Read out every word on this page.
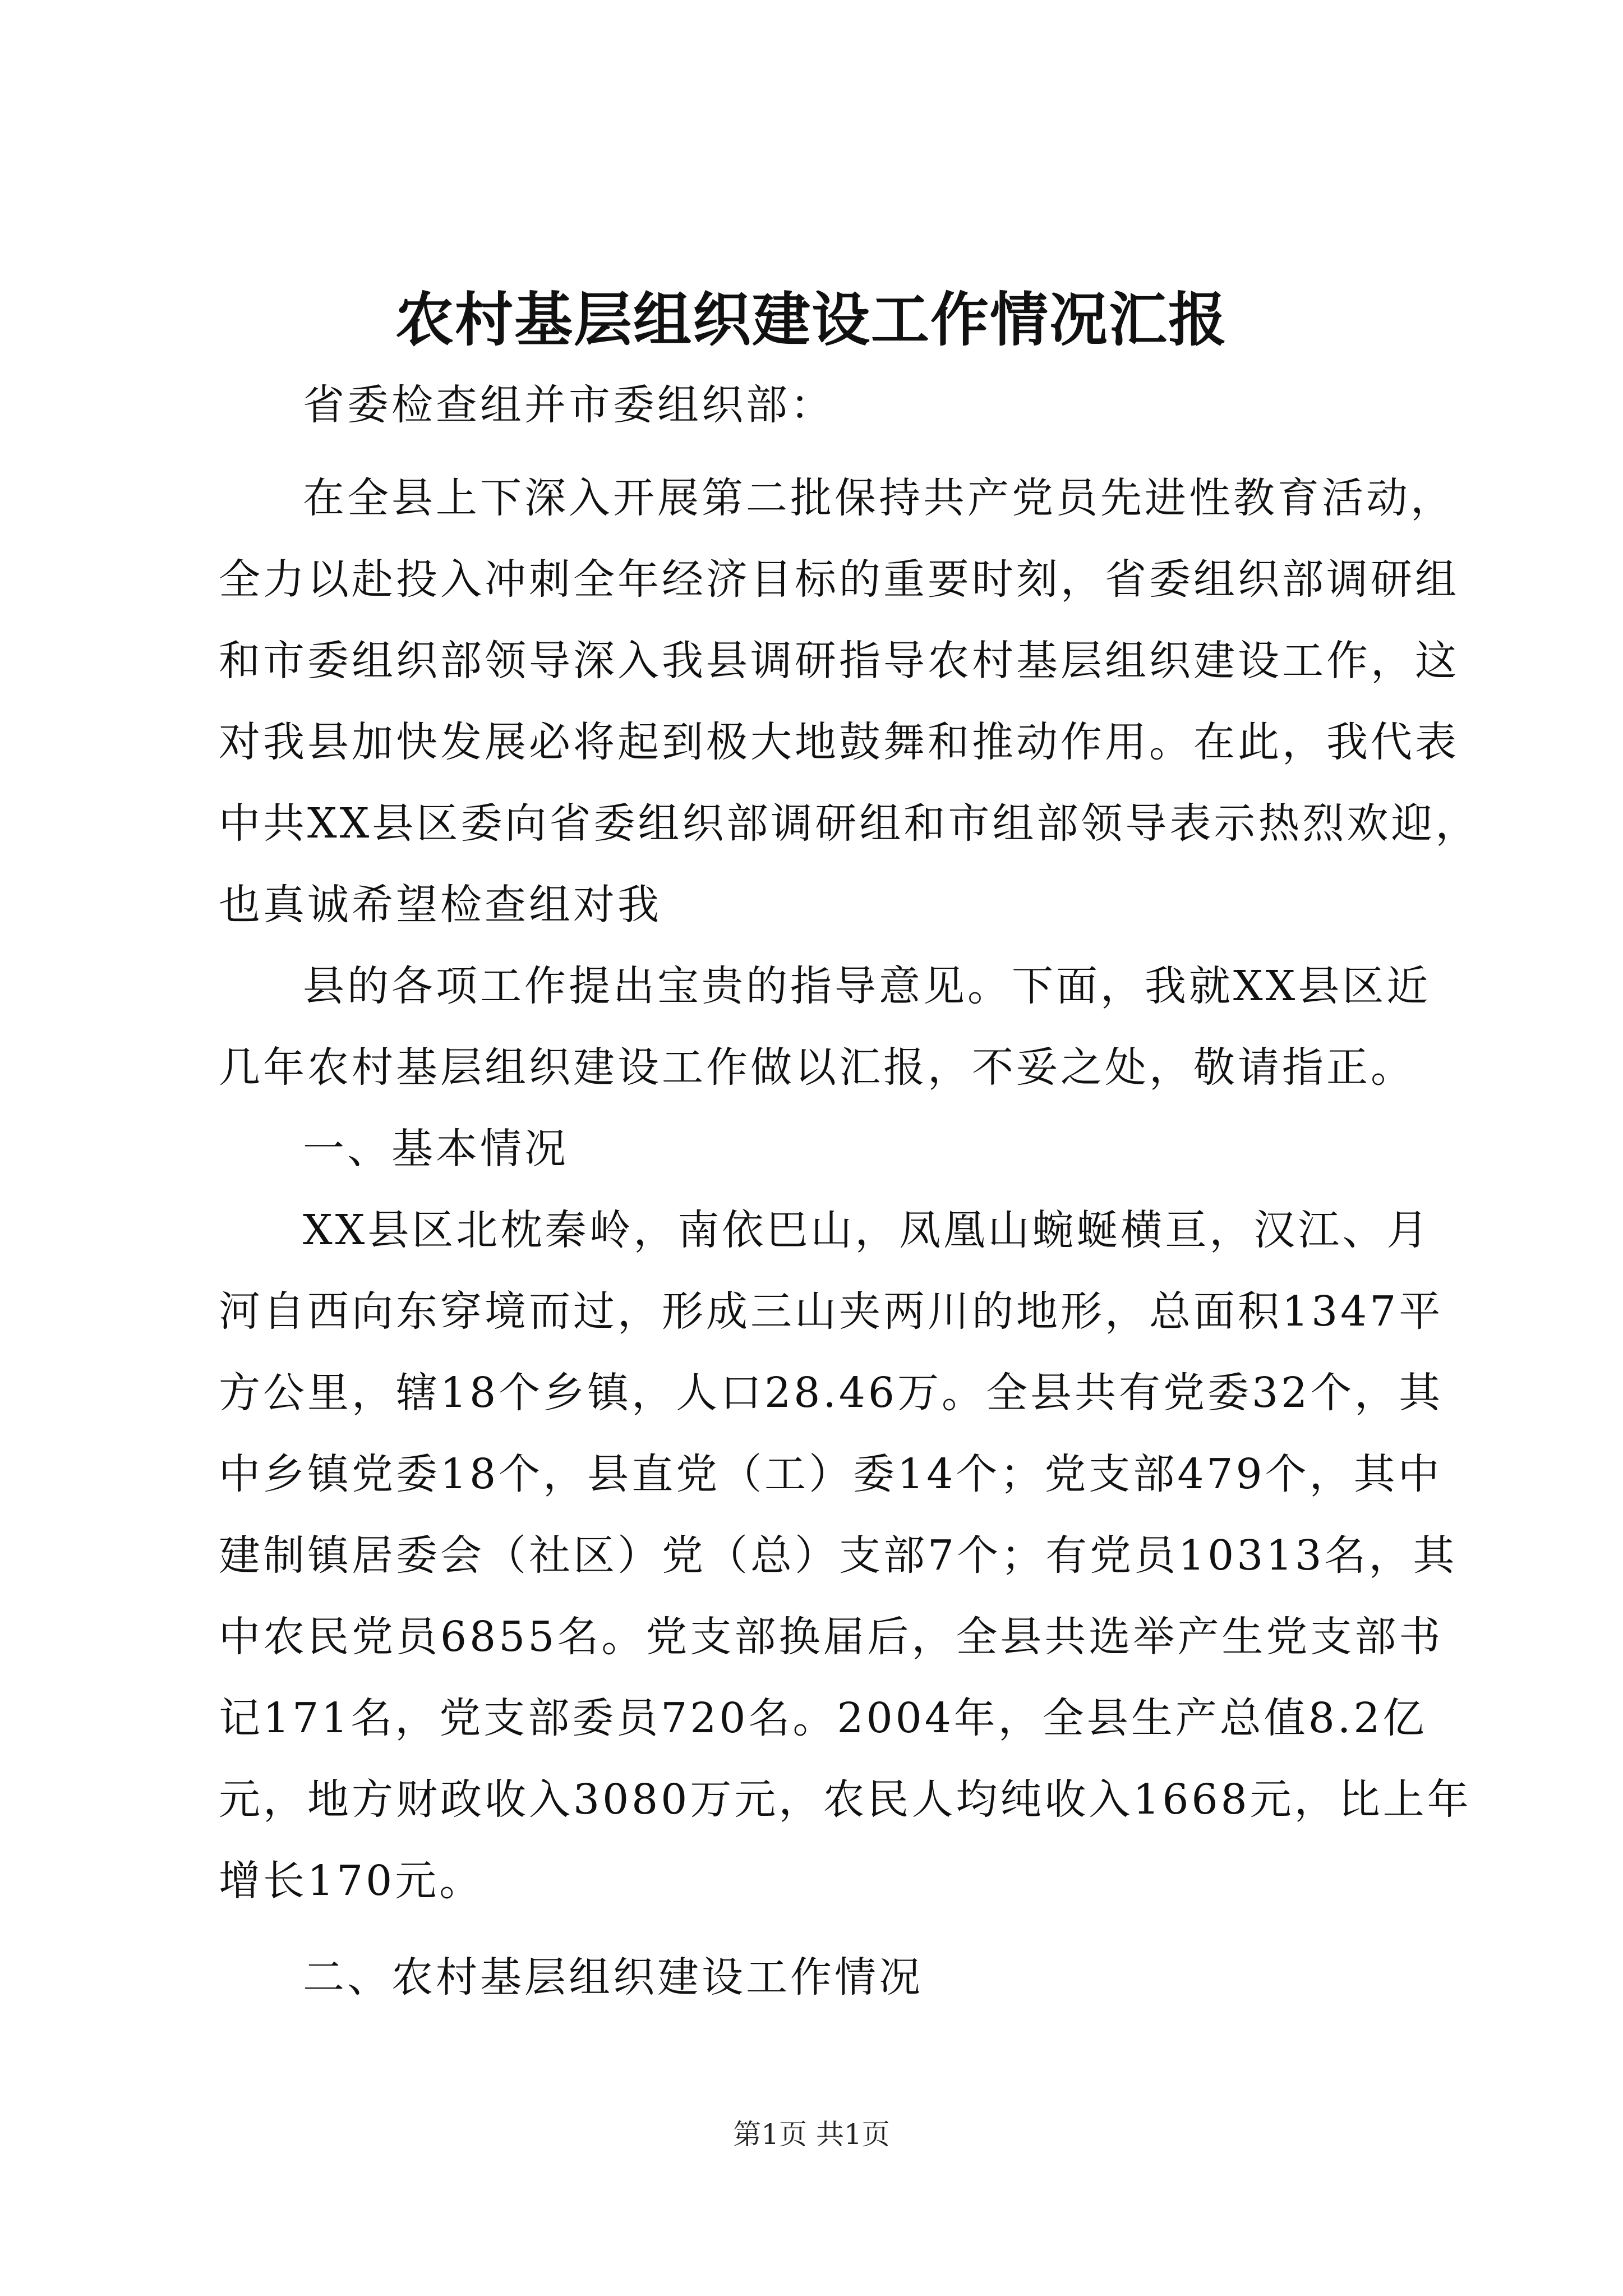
农村基层组织建设工作情况汇报
省委检查组并市委组织部：
在全县上下深入开展第二批保持共产党员先进性教育活动，
全力以赴投入冲刺全年经济目标的重要时刻，省委组织部调研组
和市委组织部领导深入我县调研指导农村基层组织建设工作，这
对我县加快发展必将起到极大地鼓舞和推动作用。在此，我代表
中共XX县区委向省委组织部调研组和市组部领导表示热烈欢迎，
也真诚希望检查组对我
县的各项工作提出宝贵的指导意见。下面，我就XX县区近
几年农村基层组织建设工作做以汇报，不妥之处，敬请指正。
一、基本情况
XX县区北枕秦岭，南依巴山，凤凰山蜿蜒横亘，汉江、月
河自西向东穿境而过，形成三山夹两川的地形，总面积1347平
方公里，辖18个乡镇，人口28.46万。全县共有党委32个，其
中乡镇党委18个，县直党（工）委14个；党支部479个，其中
建制镇居委会（社区）党（总）支部7个；有党员10313名，其
中农民党员6855名。党支部换届后，全县共选举产生党支部书
记171名，党支部委员720名。2004年，全县生产总值8.2亿
元，地方财政收入3080万元，农民人均纯收入1668元，比上年
增长170元。
二、农村基层组织建设工作情况
第1页 共1页
